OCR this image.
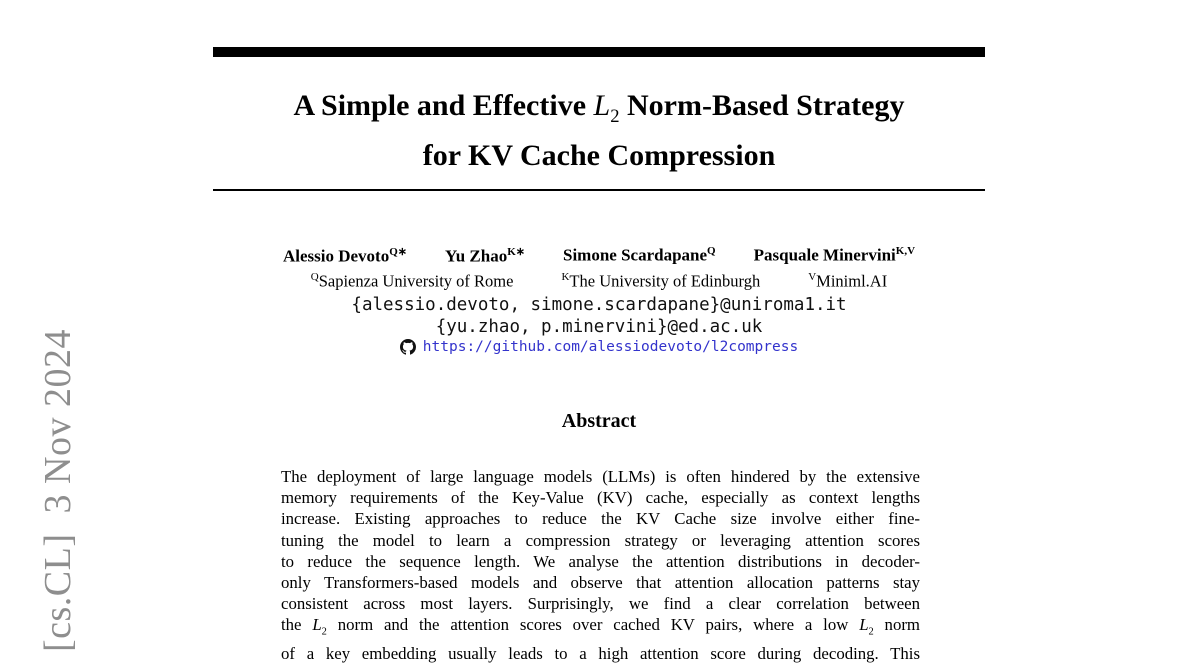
[cs.CL]  3 Nov 2024
A Simple and Effective $L_2$ Norm-Based Strategy
for KV Cache Compression
Alessio Devoto$^{Q∗}$ Yu Zhao$^{K∗}$ Simone Scardapane$^Q$ Pasquale Minervini$^{K,V}$
$^Q$Sapienza University of Rome	$^K$The University of Edinburgh	$^V$Miniml.AI
{alessio.devoto, simone.scardapane}@uniroma1.it
{yu.zhao, p.minervini}@ed.ac.uk
https://github.com/alessiodevoto/l2compress
Abstract
The deployment of large language models (LLMs) is often hindered by the extensive
memory requirements of the Key-Value (KV) cache, especially as context lengths
increase. Existing approaches to reduce the KV Cache size involve either fine-
tuning the model to learn a compression strategy or leveraging attention scores
to reduce the sequence length. We analyse the attention distributions in decoder-
only Transformers-based models and observe that attention allocation patterns stay
consistent across most layers. Surprisingly, we find a clear correlation between
the $L_2$ norm and the attention scores over cached KV pairs, where a low $L_2$ norm
of a key embedding usually leads to a high attention score during decoding. This
